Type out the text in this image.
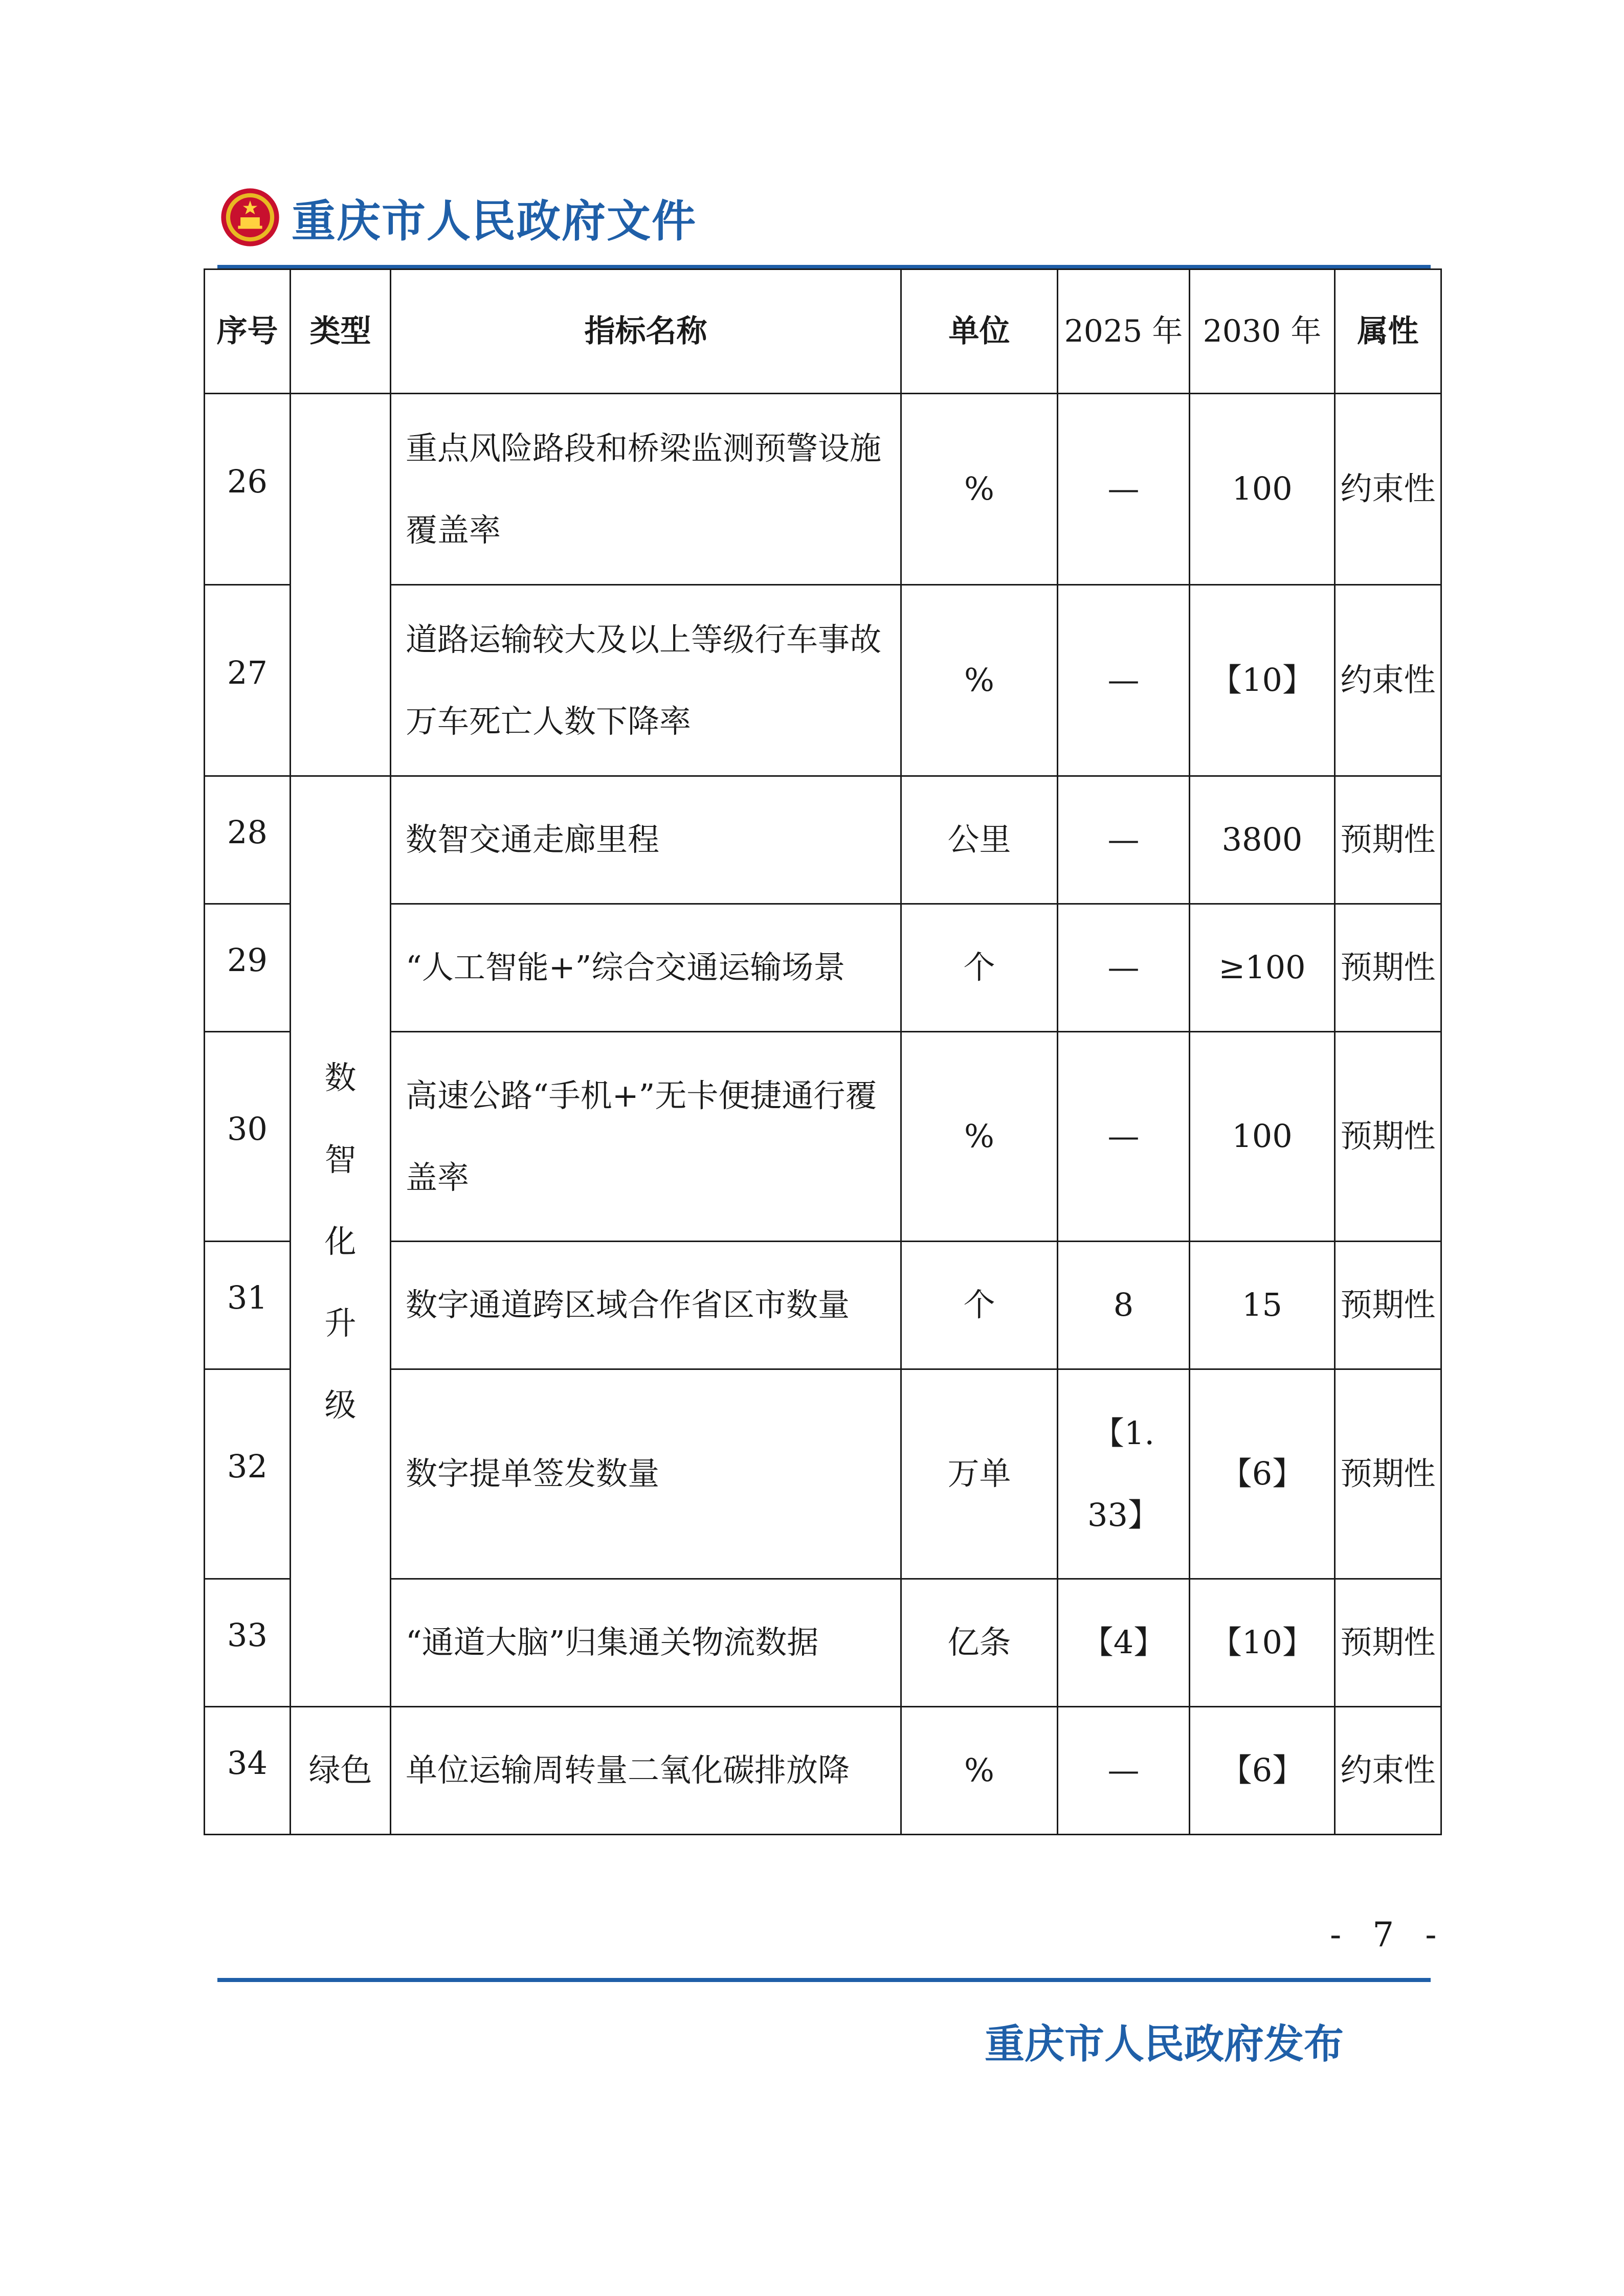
重庆市人民政府文件
序号	类型	指标名称	单位	2025 年	2030 年	属性
26		重点风险路段和桥梁监测预警设施覆盖率	%	—	100	约束性
27		道路运输较大及以上等级行车事故万车死亡人数下降率	%	—	【10】	约束性
28	数智化升级	数智交通走廊里程	公里	—	3800	预期性
29		“人工智能+”综合交通运输场景	个	—	≥100	预期性
30		高速公路“手机+”无卡便捷通行覆盖率	%	—	100	预期性
31		数字通道跨区域合作省区市数量	个	8	15	预期性
32		数字提单签发数量	万单	【1.33】	【6】	预期性
33		“通道大脑”归集通关物流数据	亿条	【4】	【10】	预期性
34	绿色	单位运输周转量二氧化碳排放降	%	—	【6】	约束性
- 7 -
重庆市人民政府发布
